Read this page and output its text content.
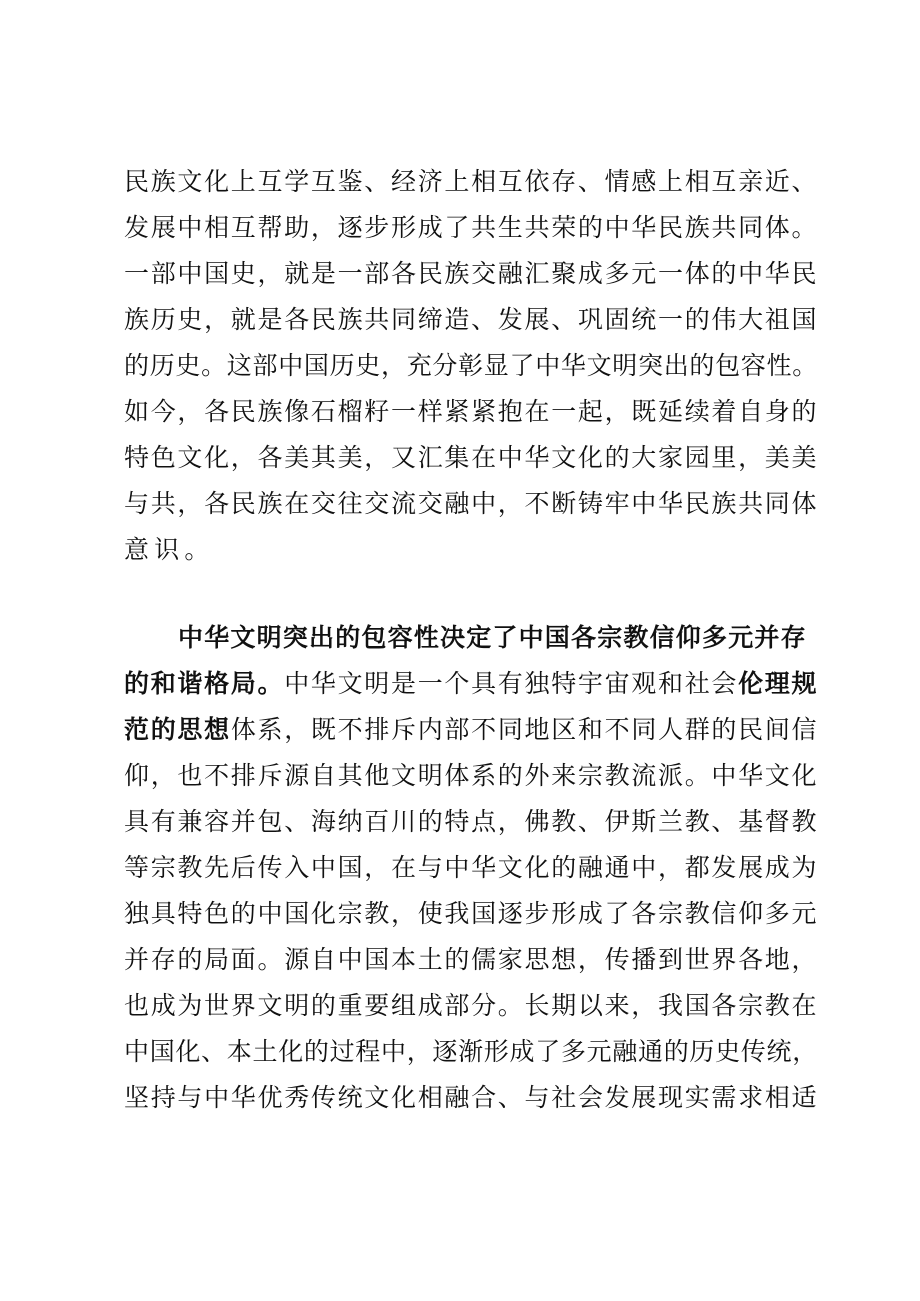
民族文化上互学互鉴、经济上相互依存、情感上相互亲近、
发展中相互帮助，逐步形成了共生共荣的中华民族共同体。
一部中国史，就是一部各民族交融汇聚成多元一体的中华民
族历史，就是各民族共同缔造、发展、巩固统一的伟大祖国
的历史。这部中国历史，充分彰显了中华文明突出的包容性。
如今，各民族像石榴籽一样紧紧抱在一起，既延续着自身的
特色文化，各美其美，又汇集在中华文化的大家园里，美美
与共，各民族在交往交流交融中，不断铸牢中华民族共同体
意识。
中华文明突出的包容性决定了中国各宗教信仰多元并存
的和谐格局。中华文明是一个具有独特宇宙观和社会伦理规
范的思想体系，既不排斥内部不同地区和不同人群的民间信
仰，也不排斥源自其他文明体系的外来宗教流派。中华文化
具有兼容并包、海纳百川的特点，佛教、伊斯兰教、基督教
等宗教先后传入中国，在与中华文化的融通中，都发展成为
独具特色的中国化宗教，使我国逐步形成了各宗教信仰多元
并存的局面。源自中国本土的儒家思想，传播到世界各地，
也成为世界文明的重要组成部分。长期以来，我国各宗教在
中国化、本土化的过程中，逐渐形成了多元融通的历史传统，
坚持与中华优秀传统文化相融合、与社会发展现实需求相适
